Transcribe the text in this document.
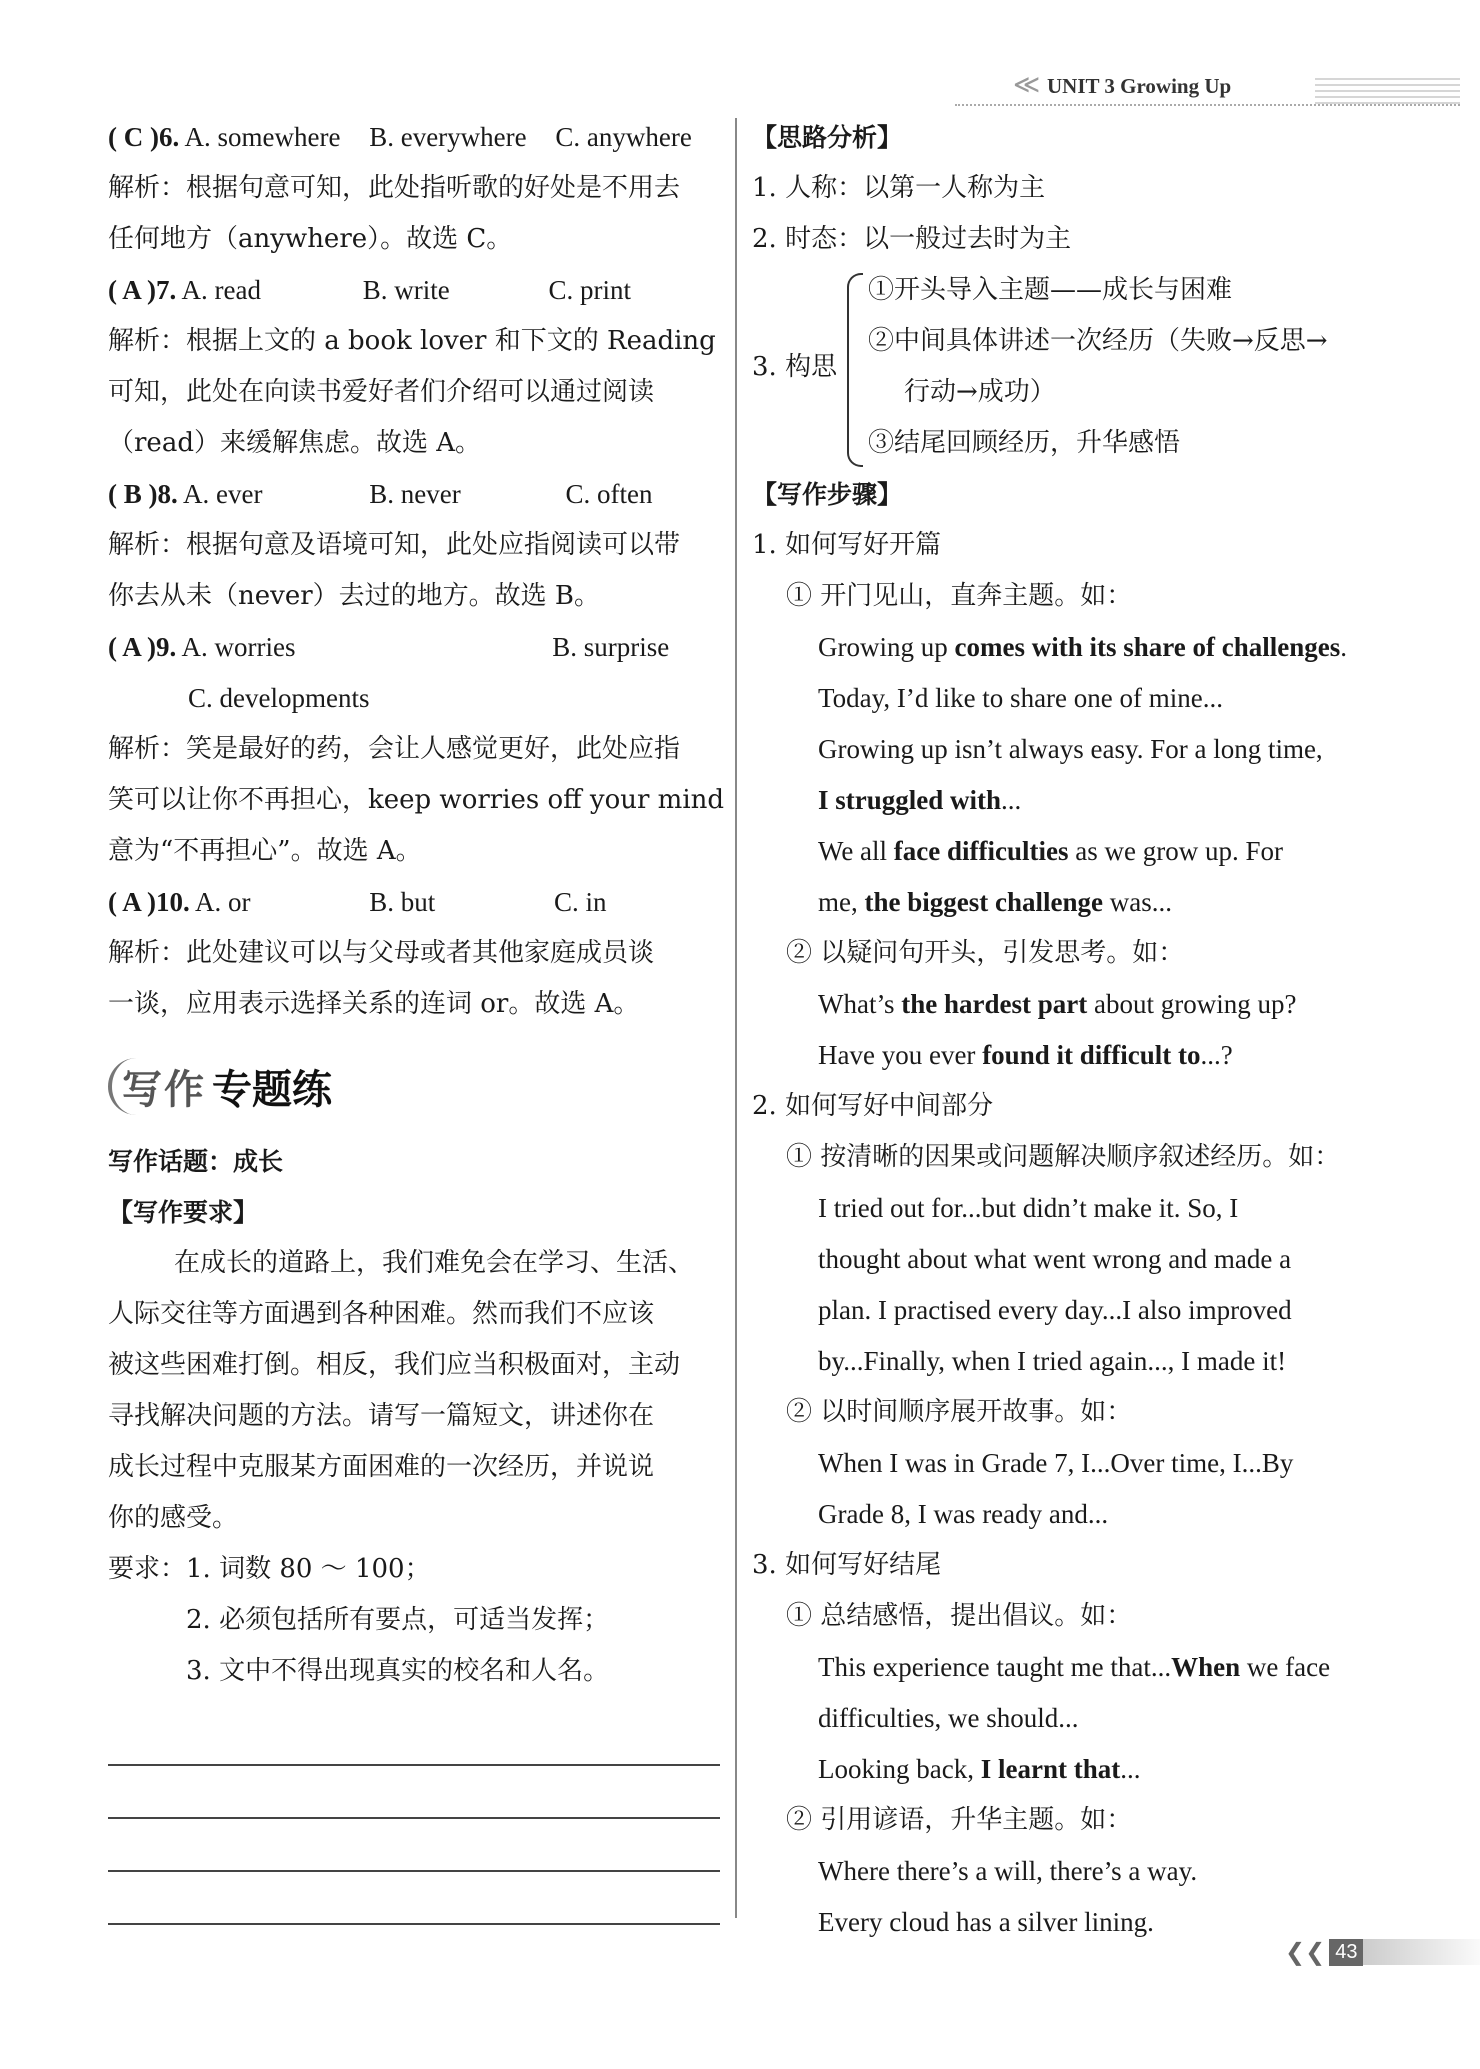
≪ UNIT 3 Growing Up
( C )6. A. somewhere B. everywhere C. anywhere
解析：根据句意可知，此处指听歌的好处是不用去
任何地方（anywhere）。故选 C。
( A )7. A. read	B. write	C. print
解析：根据上文的 a book lover 和下文的 Reading
可知，此处在向读书爱好者们介绍可以通过阅读
（read）来缓解焦虑。故选 A。
( B )8. A. ever	B. never	C. often
解析：根据句意及语境可知，此处应指阅读可以带
你去从未（never）去过的地方。故选 B。
( A )9. A. worries	B. surprise
C. developments
解析：笑是最好的药，会让人感觉更好，此处应指
笑可以让你不再担心，keep worries off your mind
意为“不再担心”。故选 A。
( A )10. A. or	B. but	C. in
解析：此处建议可以与父母或者其他家庭成员谈
一谈，应用表示选择关系的连词 or。故选 A。
写作 专题练
写作话题：成长
【写作要求】
在成长的道路上，我们难免会在学习、生活、
人际交往等方面遇到各种困难。然而我们不应该
被这些困难打倒。相反，我们应当积极面对，主动
寻找解决问题的方法。请写一篇短文，讲述你在
成长过程中克服某方面困难的一次经历，并说说
你的感受。
要求：1. 词数 80 ～ 100；
2. 必须包括所有要点，可适当发挥；
3. 文中不得出现真实的校名和人名。
【思路分析】
1. 人称：以第一人称为主
2. 时态：以一般过去时为主
3. 构思
①开头导入主题——成长与困难
②中间具体讲述一次经历（失败→反思→
行动→成功）
③结尾回顾经历，升华感悟
【写作步骤】
1. 如何写好开篇
① 开门见山，直奔主题。如：
Growing up comes with its share of challenges.
Today, I’d like to share one of mine...
Growing up isn’t always easy. For a long time,
I struggled with...
We all face difficulties as we grow up. For
me, the biggest challenge was...
② 以疑问句开头，引发思考。如：
What’s the hardest part about growing up?
Have you ever found it difficult to...?
2. 如何写好中间部分
① 按清晰的因果或问题解决顺序叙述经历。如：
I tried out for...but didn’t make it. So, I
thought about what went wrong and made a
plan. I practised every day...I also improved
by...Finally, when I tried again..., I made it!
② 以时间顺序展开故事。如：
When I was in Grade 7, I...Over time, I...By
Grade 8, I was ready and...
3. 如何写好结尾
① 总结感悟，提出倡议。如：
This experience taught me that...When we face
difficulties, we should...
Looking back, I learnt that...
② 引用谚语，升华主题。如：
Where there’s a will, there’s a way.
Every cloud has a silver lining.
❮❮ 43
